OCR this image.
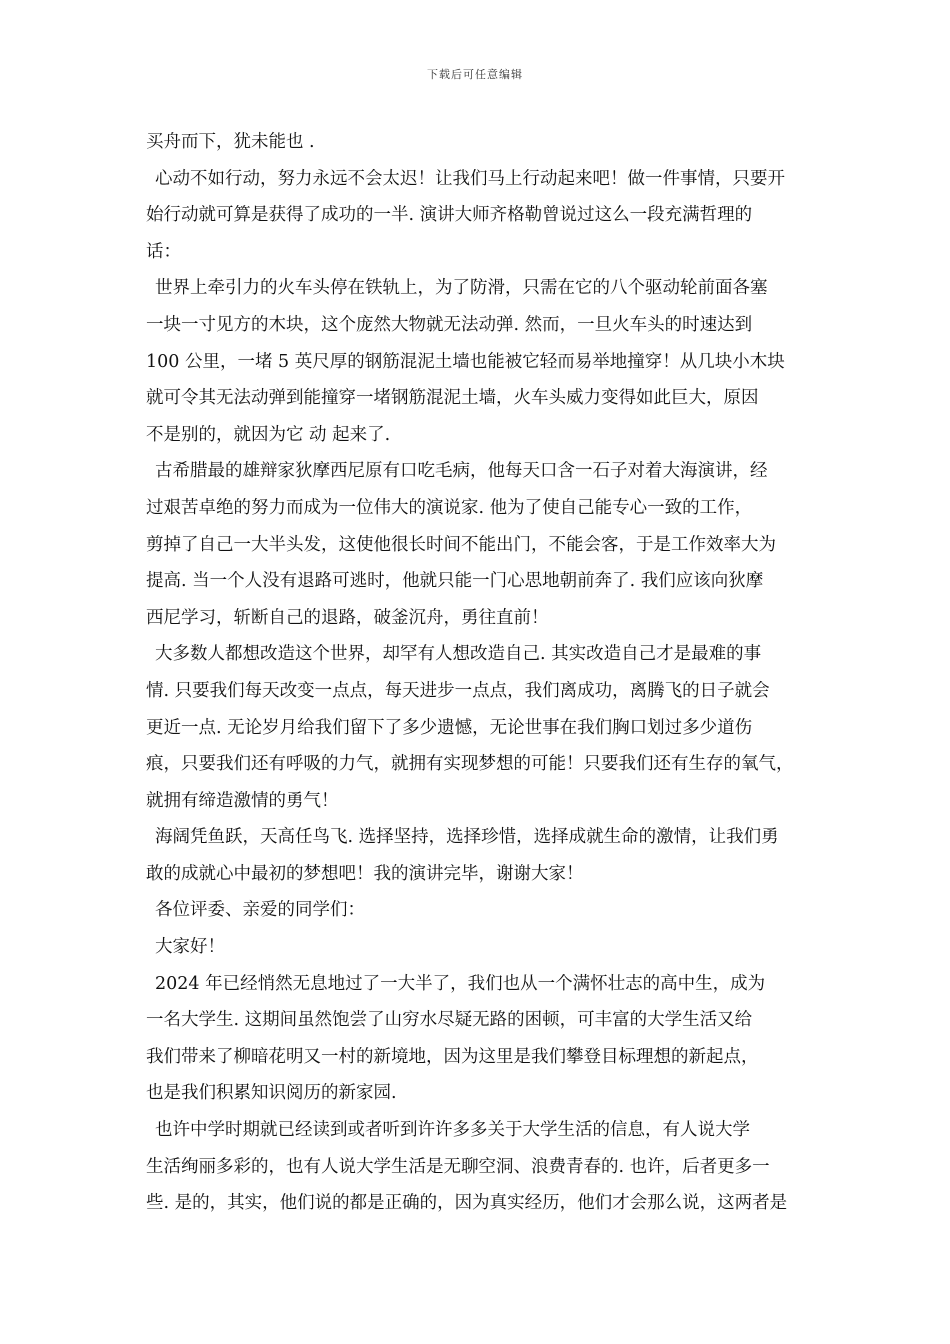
下载后可任意编辑
买舟而下，犹未能也 .
心动不如行动，努力永远不会太迟！让我们马上行动起来吧！做一件事情，只要开
始行动就可算是获得了成功的一半. 演讲大师齐格勒曾说过这么一段充满哲理的
话：
世界上牵引力的火车头停在铁轨上，为了防滑，只需在它的八个驱动轮前面各塞
一块一寸见方的木块，这个庞然大物就无法动弹. 然而，一旦火车头的时速达到
100 公里，一堵 5 英尺厚的钢筋混泥土墙也能被它轻而易举地撞穿！从几块小木块
就可令其无法动弹到能撞穿一堵钢筋混泥土墙，火车头威力变得如此巨大，原因
不是别的，就因为它 动 起来了.
古希腊最的雄辩家狄摩西尼原有口吃毛病，他每天口含一石子对着大海演讲，经
过艰苦卓绝的努力而成为一位伟大的演说家. 他为了使自己能专心一致的工作，
剪掉了自己一大半头发，这使他很长时间不能出门，不能会客，于是工作效率大为
提高. 当一个人没有退路可逃时，他就只能一门心思地朝前奔了. 我们应该向狄摩
西尼学习，斩断自己的退路，破釜沉舟，勇往直前！
大多数人都想改造这个世界，却罕有人想改造自己. 其实改造自己才是最难的事
情. 只要我们每天改变一点点，每天进步一点点，我们离成功，离腾飞的日子就会
更近一点. 无论岁月给我们留下了多少遗憾，无论世事在我们胸口划过多少道伤
痕，只要我们还有呼吸的力气，就拥有实现梦想的可能！只要我们还有生存的氧气，
就拥有缔造激情的勇气！
海阔凭鱼跃，天高任鸟飞. 选择坚持，选择珍惜，选择成就生命的激情，让我们勇
敢的成就心中最初的梦想吧！我的演讲完毕，谢谢大家！
各位评委、亲爱的同学们：
大家好！
2024 年已经悄然无息地过了一大半了，我们也从一个满怀壮志的高中生，成为
一名大学生. 这期间虽然饱尝了山穷水尽疑无路的困顿，可丰富的大学生活又给
我们带来了柳暗花明又一村的新境地，因为这里是我们攀登目标理想的新起点，
也是我们积累知识阅历的新家园.
也许中学时期就已经读到或者听到许许多多关于大学生活的信息，有人说大学
生活绚丽多彩的，也有人说大学生活是无聊空洞、浪费青春的. 也许，后者更多一
些. 是的，其实，他们说的都是正确的，因为真实经历，他们才会那么说，这两者是
